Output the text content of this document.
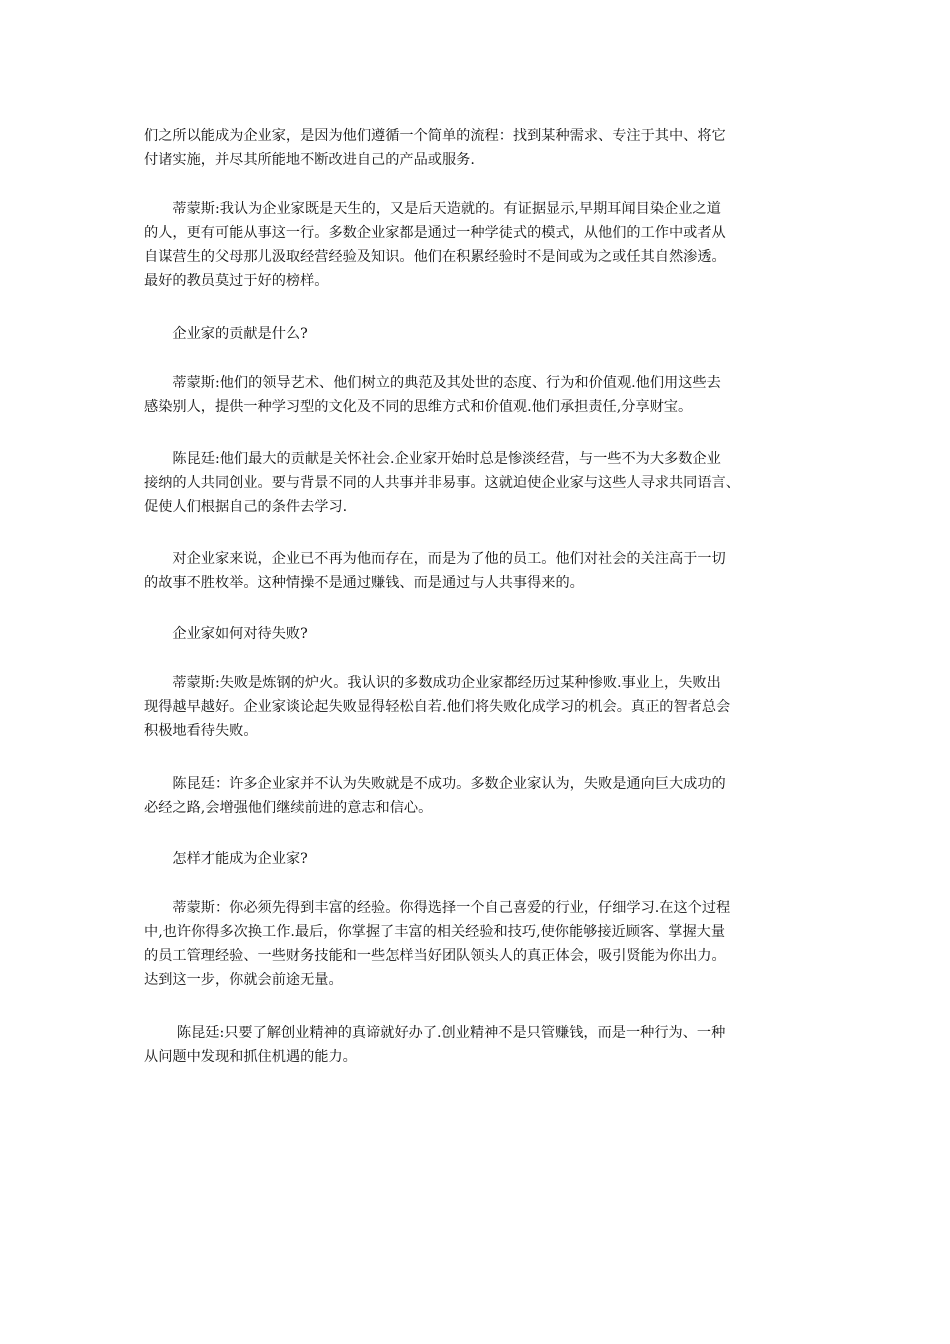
们之所以能成为企业家，是因为他们遵循一个简单的流程：找到某种需求、专注于其中、将它
付诸实施，并尽其所能地不断改进自己的产品或服务.

　　蒂蒙斯:我认为企业家既是天生的，又是后天造就的。有证据显示,早期耳闻目染企业之道
的人，更有可能从事这一行。多数企业家都是通过一种学徒式的模式，从他们的工作中或者从
自谋营生的父母那儿汲取经营经验及知识。他们在积累经验时不是间或为之或任其自然渗透。
最好的教员莫过于好的榜样。

　　企业家的贡献是什么?

　　蒂蒙斯:他们的领导艺术、他们树立的典范及其处世的态度、行为和价值观.他们用这些去
感染别人，提供一种学习型的文化及不同的思维方式和价值观.他们承担责任,分享财宝。

　　陈昆廷:他们最大的贡献是关怀社会.企业家开始时总是惨淡经营，与一些不为大多数企业
接纳的人共同创业。要与背景不同的人共事并非易事。这就迫使企业家与这些人寻求共同语言、
促使人们根据自己的条件去学习.

　　对企业家来说，企业已不再为他而存在，而是为了他的员工。他们对社会的关注高于一切
的故事不胜枚举。这种情操不是通过赚钱、而是通过与人共事得来的。

　　企业家如何对待失败?

　　蒂蒙斯:失败是炼钢的炉火。我认识的多数成功企业家都经历过某种惨败.事业上，失败出
现得越早越好。企业家谈论起失败显得轻松自若.他们将失败化成学习的机会。真正的智者总会
积极地看待失败。

　　陈昆廷：许多企业家并不认为失败就是不成功。多数企业家认为，失败是通向巨大成功的
必经之路,会增强他们继续前进的意志和信心。

　　怎样才能成为企业家?

　　蒂蒙斯：你必须先得到丰富的经验。你得选择一个自己喜爱的行业，仔细学习.在这个过程
中,也许你得多次换工作.最后，你掌握了丰富的相关经验和技巧,使你能够接近顾客、掌握大量
的员工管理经验、一些财务技能和一些怎样当好团队领头人的真正体会，吸引贤能为你出力。
达到这一步，你就会前途无量。

　　 陈昆廷:只要了解创业精神的真谛就好办了.创业精神不是只管赚钱，而是一种行为、一种
从问题中发现和抓住机遇的能力。
